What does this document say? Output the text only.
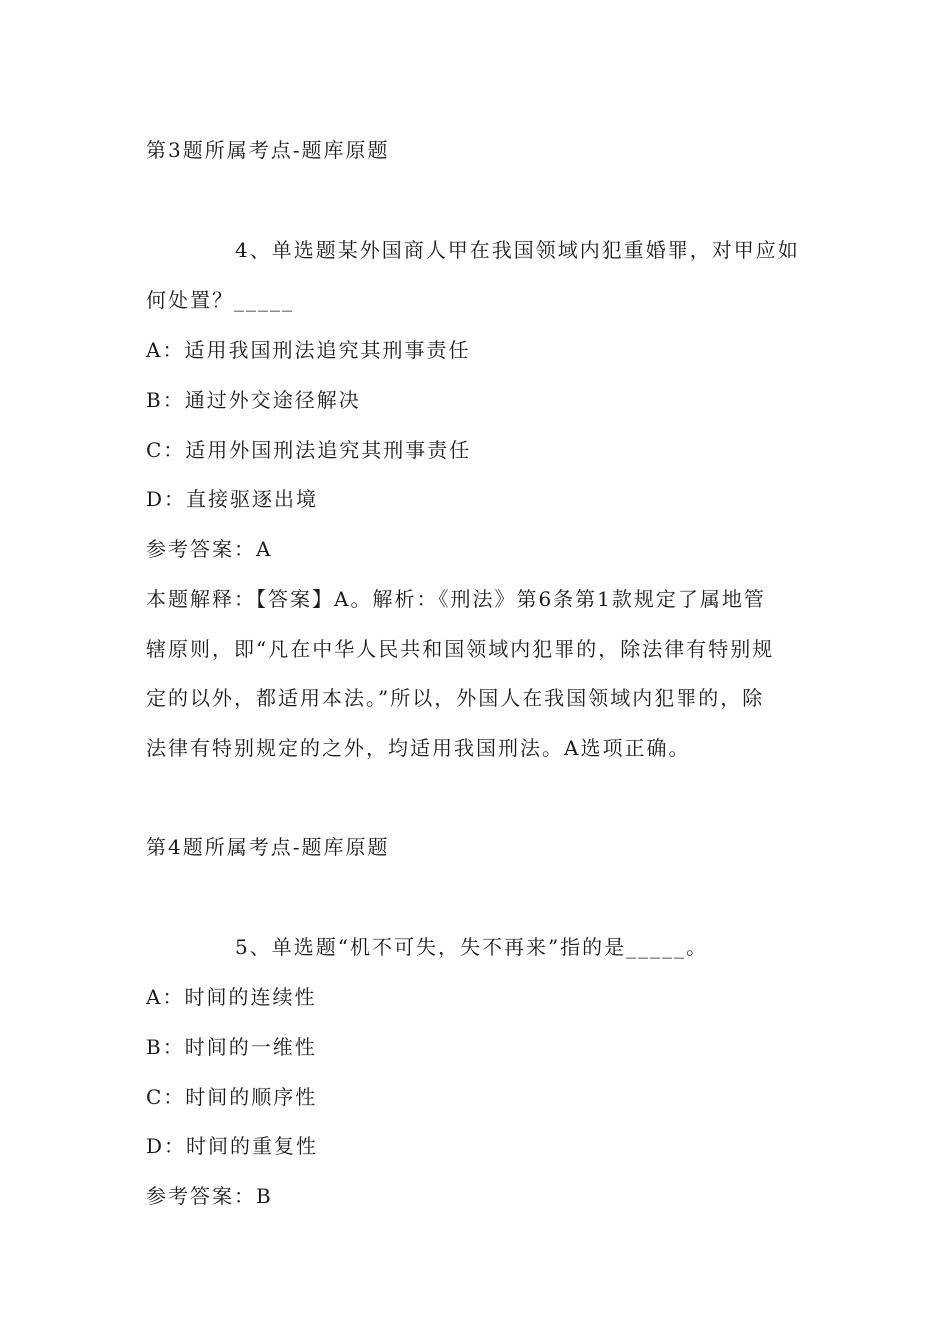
第3题所属考点-题库原题
4、单选题某外国商人甲在我国领域内犯重婚罪，对甲应如
何处置？_____
A：适用我国刑法追究其刑事责任
B：通过外交途径解决
C：适用外国刑法追究其刑事责任
D：直接驱逐出境
参考答案：A
本题解释：【答案】A。解析：《刑法》第6条第1款规定了属地管
辖原则，即“凡在中华人民共和国领域内犯罪的，除法律有特别规
定的以外，都适用本法。”所以，外国人在我国领域内犯罪的，除
法律有特别规定的之外，均适用我国刑法。A选项正确。
第4题所属考点-题库原题
5、单选题“机不可失，失不再来”指的是_____。
A：时间的连续性
B：时间的一维性
C：时间的顺序性
D：时间的重复性
参考答案：B
